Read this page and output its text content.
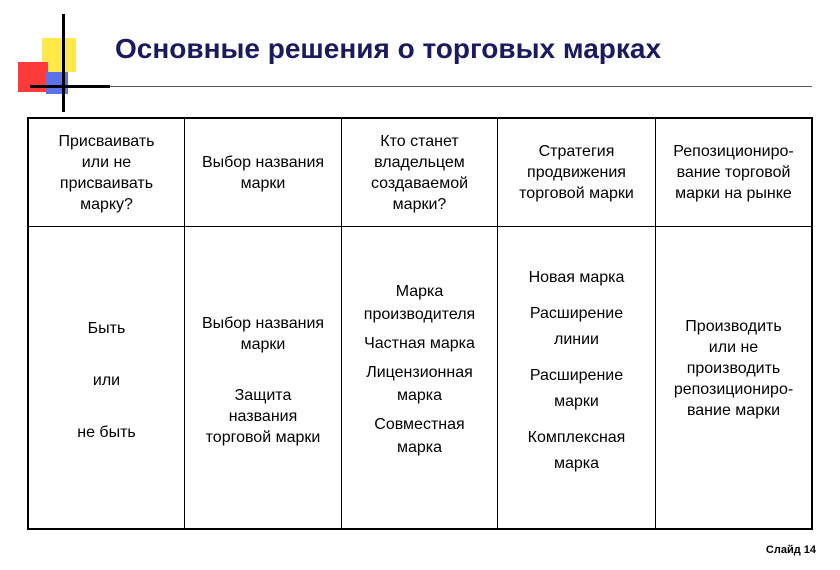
Основные решения о торговых марках
Присваивать
или не
присваивать
марку?
Выбор названия
марки
Кто станет
владельцем
создаваемой
марки?
Стратегия
продвижения
торговой марки
Репозициониро-
вание торговой
марки на рынке
Быть
или
не быть
Выбор названия
марки
Защита
названия
торговой марки
Марка
производителя
Частная марка
Лицензионная
марка
Совместная
марка
Новая марка
Расширение
линии
Расширение
марки
Комплексная
марка
Производить
или не
производить
репозициониро-
вание марки
Слайд 14
